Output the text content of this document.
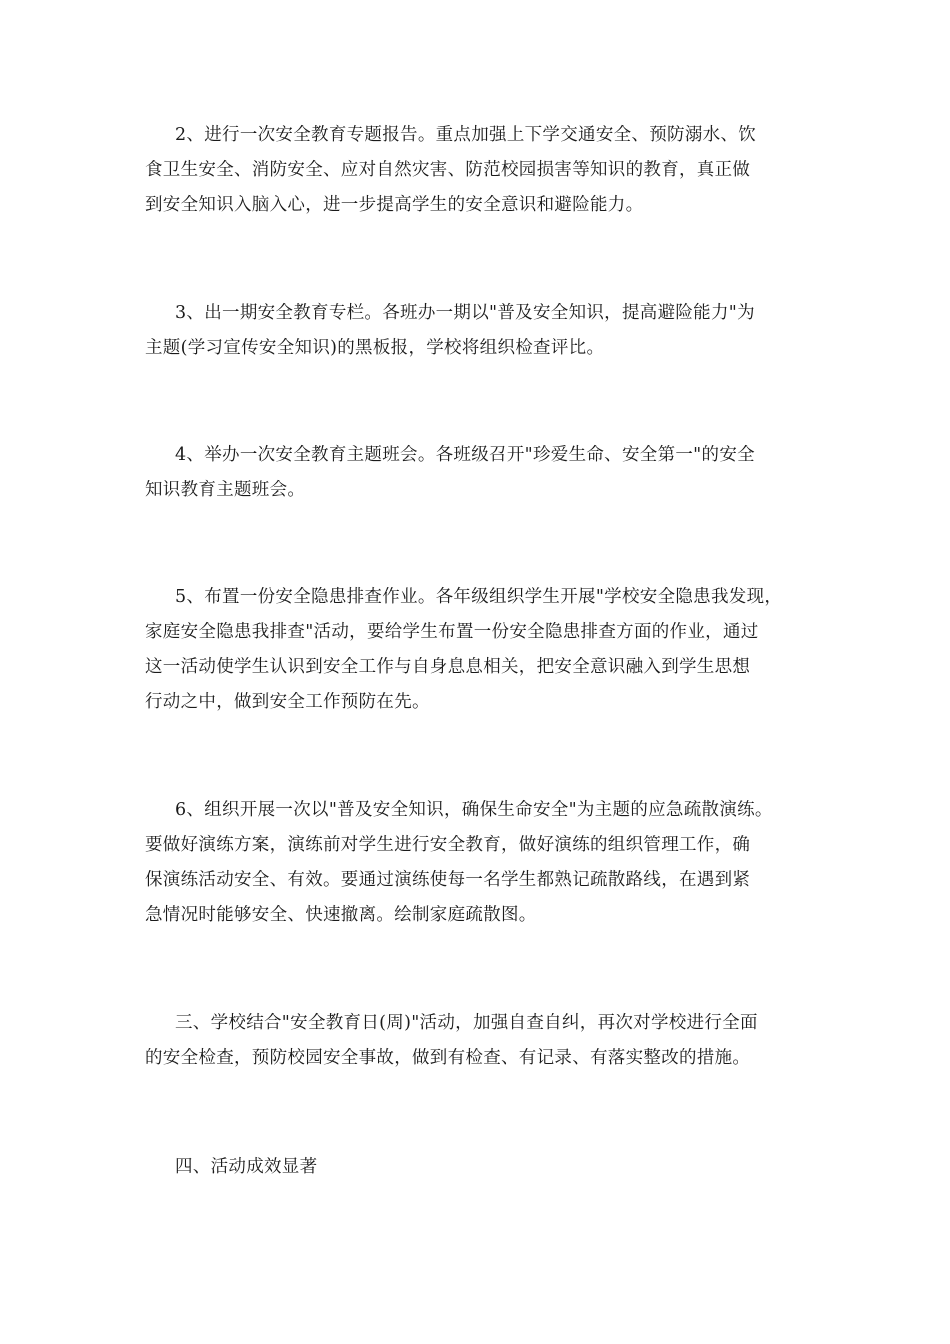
2、进行一次安全教育专题报告。重点加强上下学交通安全、预防溺水、饮
食卫生安全、消防安全、应对自然灾害、防范校园损害等知识的教育，真正做
到安全知识入脑入心，进一步提高学生的安全意识和避险能力。
3、出一期安全教育专栏。各班办一期以"普及安全知识，提高避险能力"为
主题(学习宣传安全知识)的黑板报，学校将组织检查评比。
4、举办一次安全教育主题班会。各班级召开"珍爱生命、安全第一"的安全
知识教育主题班会。
5、布置一份安全隐患排查作业。各年级组织学生开展"学校安全隐患我发现，
家庭安全隐患我排查"活动，要给学生布置一份安全隐患排查方面的作业，通过
这一活动使学生认识到安全工作与自身息息相关，把安全意识融入到学生思想
行动之中，做到安全工作预防在先。
6、组织开展一次以"普及安全知识，确保生命安全"为主题的应急疏散演练。
要做好演练方案，演练前对学生进行安全教育，做好演练的组织管理工作，确
保演练活动安全、有效。要通过演练使每一名学生都熟记疏散路线，在遇到紧
急情况时能够安全、快速撤离。绘制家庭疏散图。
三、学校结合"安全教育日(周)"活动，加强自查自纠，再次对学校进行全面
的安全检查，预防校园安全事故，做到有检查、有记录、有落实整改的措施。
四、活动成效显著
